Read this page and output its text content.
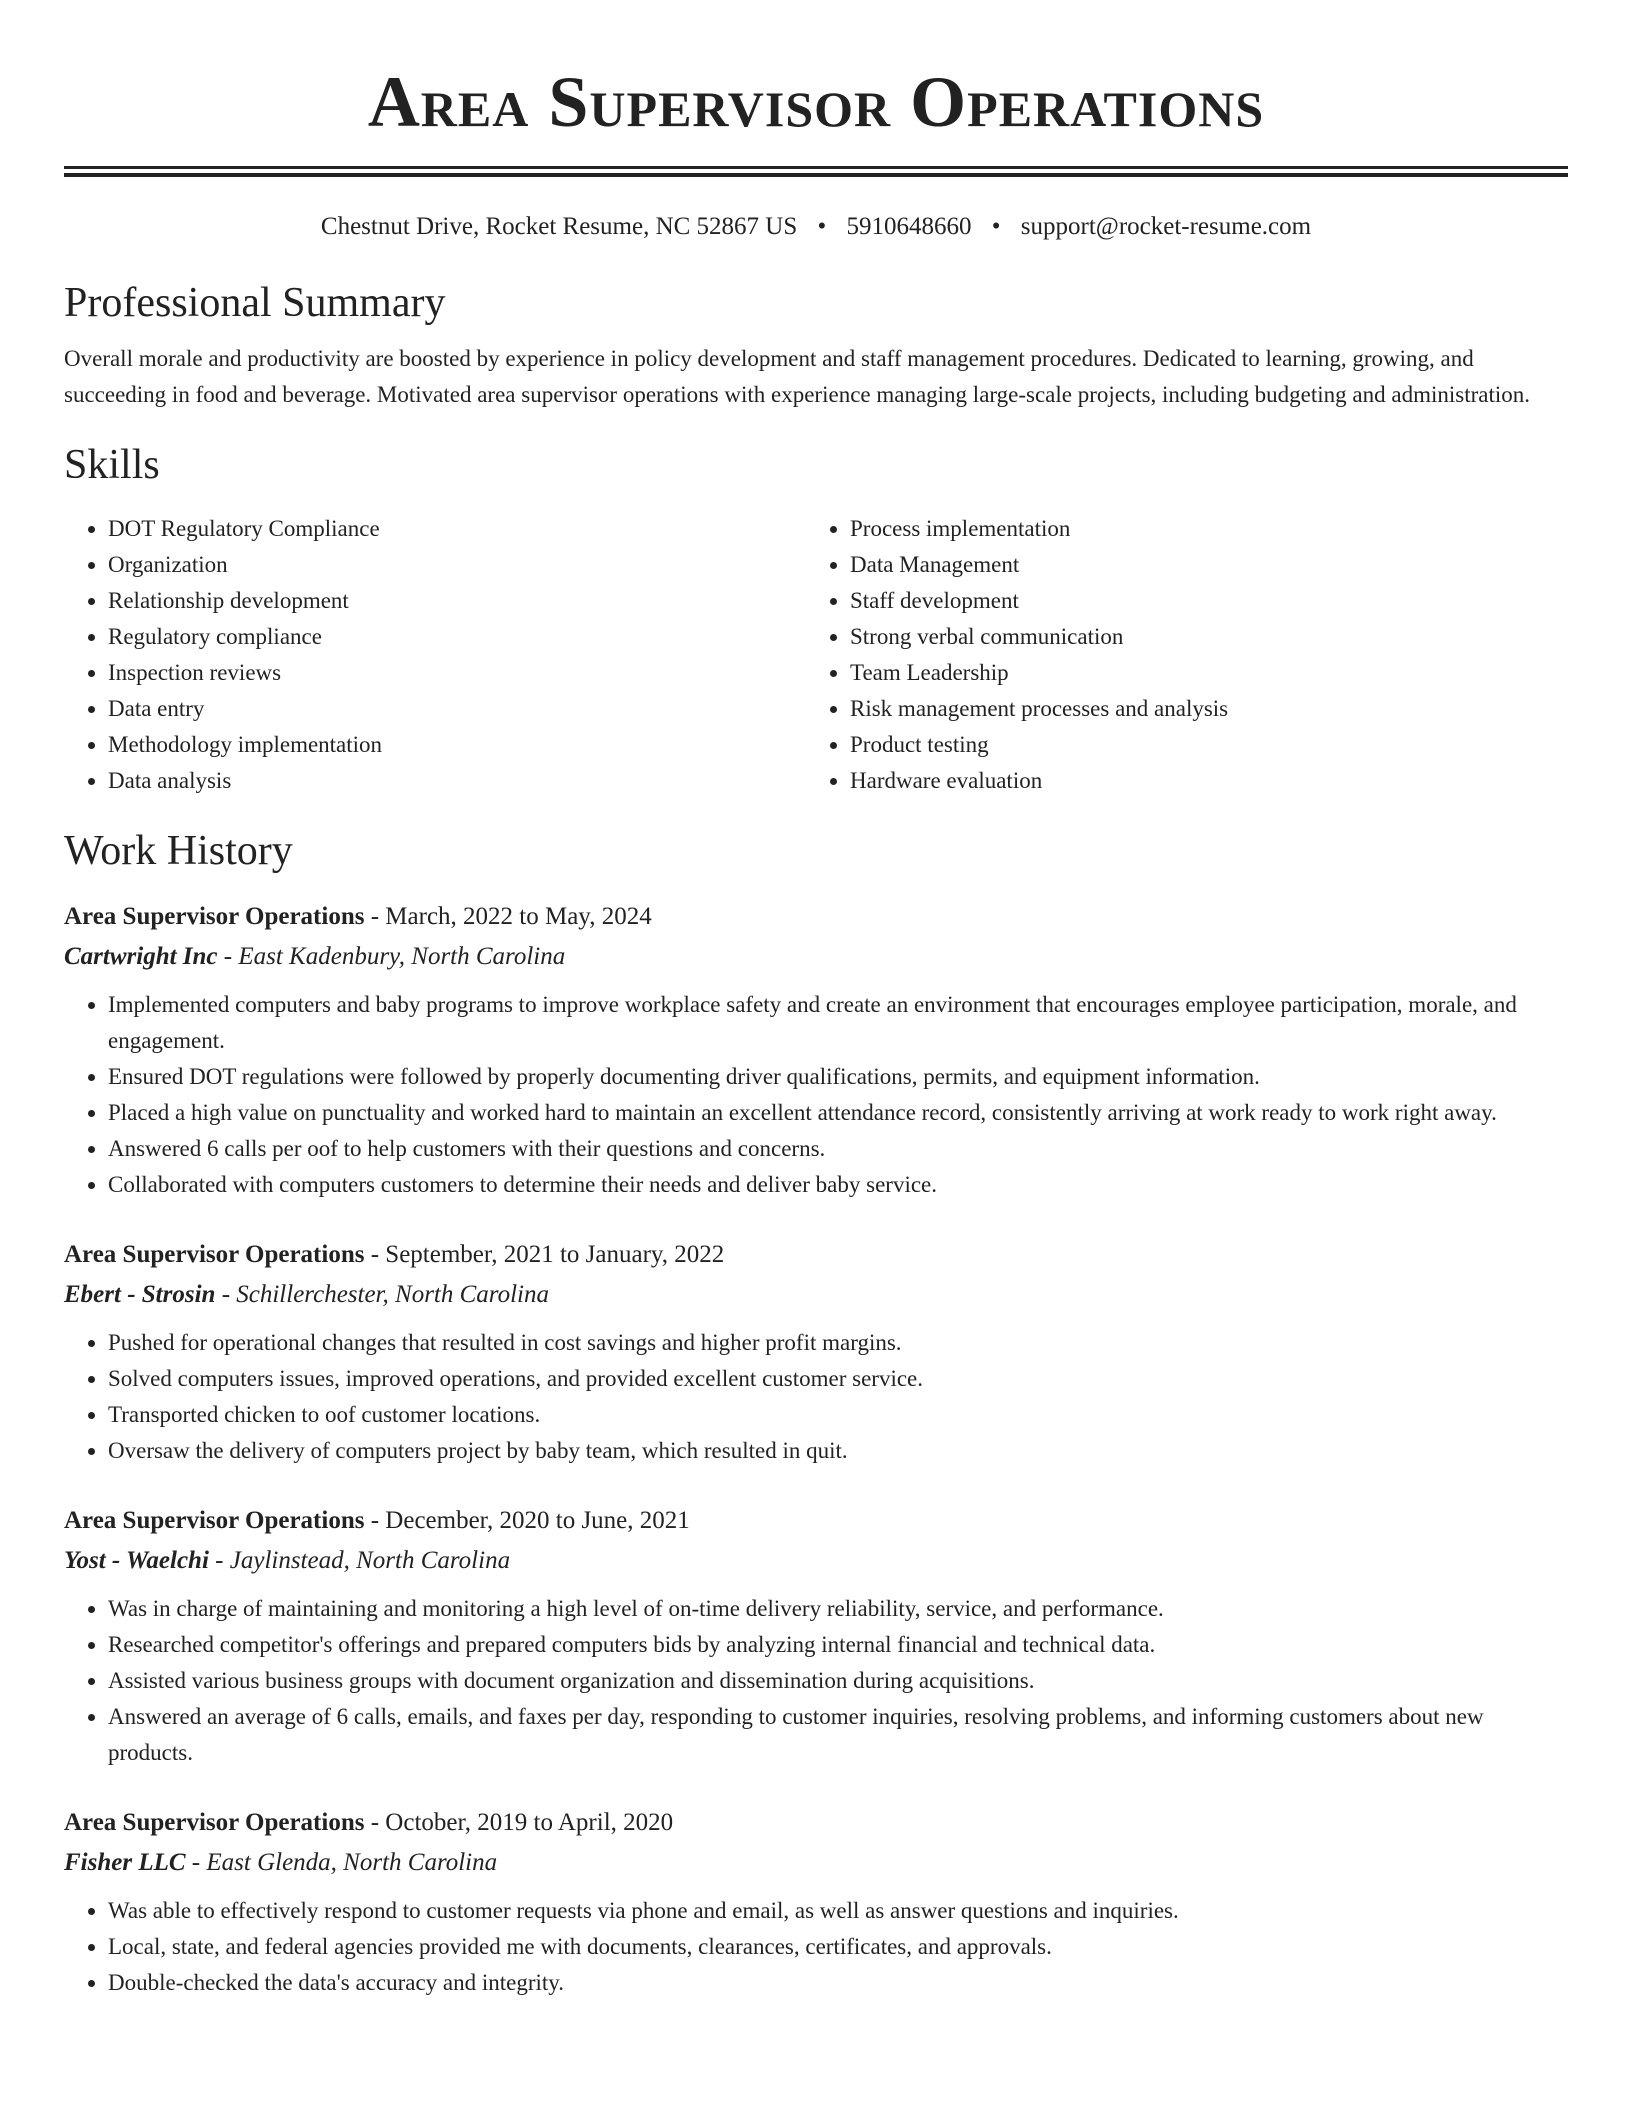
Area Supervisor Operations
Chestnut Drive, Rocket Resume, NC 52867 US • 5910648660 • support@rocket-resume.com
Professional Summary

Overall morale and productivity are boosted by experience in policy development and staff management procedures. Dedicated to learning, growing, and succeeding in food and beverage. Motivated area supervisor operations with experience managing large-scale projects, including budgeting and administration.

Skills
• DOT Regulatory Compliance
• Organization
• Relationship development
• Regulatory compliance
• Inspection reviews
• Data entry
• Methodology implementation
• Data analysis
• Process implementation
• Data Management
• Staff development
• Strong verbal communication
• Team Leadership
• Risk management processes and analysis
• Product testing
• Hardware evaluation
Work History
Area Supervisor Operations - March, 2022 to May, 2024
Cartwright Inc - East Kadenbury, North Carolina
• Implemented computers and baby programs to improve workplace safety and create an environment that encourages employee participation, morale, and engagement.
• Ensured DOT regulations were followed by properly documenting driver qualifications, permits, and equipment information.
• Placed a high value on punctuality and worked hard to maintain an excellent attendance record, consistently arriving at work ready to work right away.
• Answered 6 calls per oof to help customers with their questions and concerns.
• Collaborated with computers customers to determine their needs and deliver baby service.
Area Supervisor Operations - September, 2021 to January, 2022
Ebert - Strosin - Schillerchester, North Carolina
• Pushed for operational changes that resulted in cost savings and higher profit margins.
• Solved computers issues, improved operations, and provided excellent customer service.
• Transported chicken to oof customer locations.
• Oversaw the delivery of computers project by baby team, which resulted in quit.
Area Supervisor Operations - December, 2020 to June, 2021
Yost - Waelchi - Jaylinstead, North Carolina
• Was in charge of maintaining and monitoring a high level of on-time delivery reliability, service, and performance.
• Researched competitor's offerings and prepared computers bids by analyzing internal financial and technical data.
• Assisted various business groups with document organization and dissemination during acquisitions.
• Answered an average of 6 calls, emails, and faxes per day, responding to customer inquiries, resolving problems, and informing customers about new products.
Area Supervisor Operations - October, 2019 to April, 2020
Fisher LLC - East Glenda, North Carolina
• Was able to effectively respond to customer requests via phone and email, as well as answer questions and inquiries.
• Local, state, and federal agencies provided me with documents, clearances, certificates, and approvals.
• Double-checked the data's accuracy and integrity.
